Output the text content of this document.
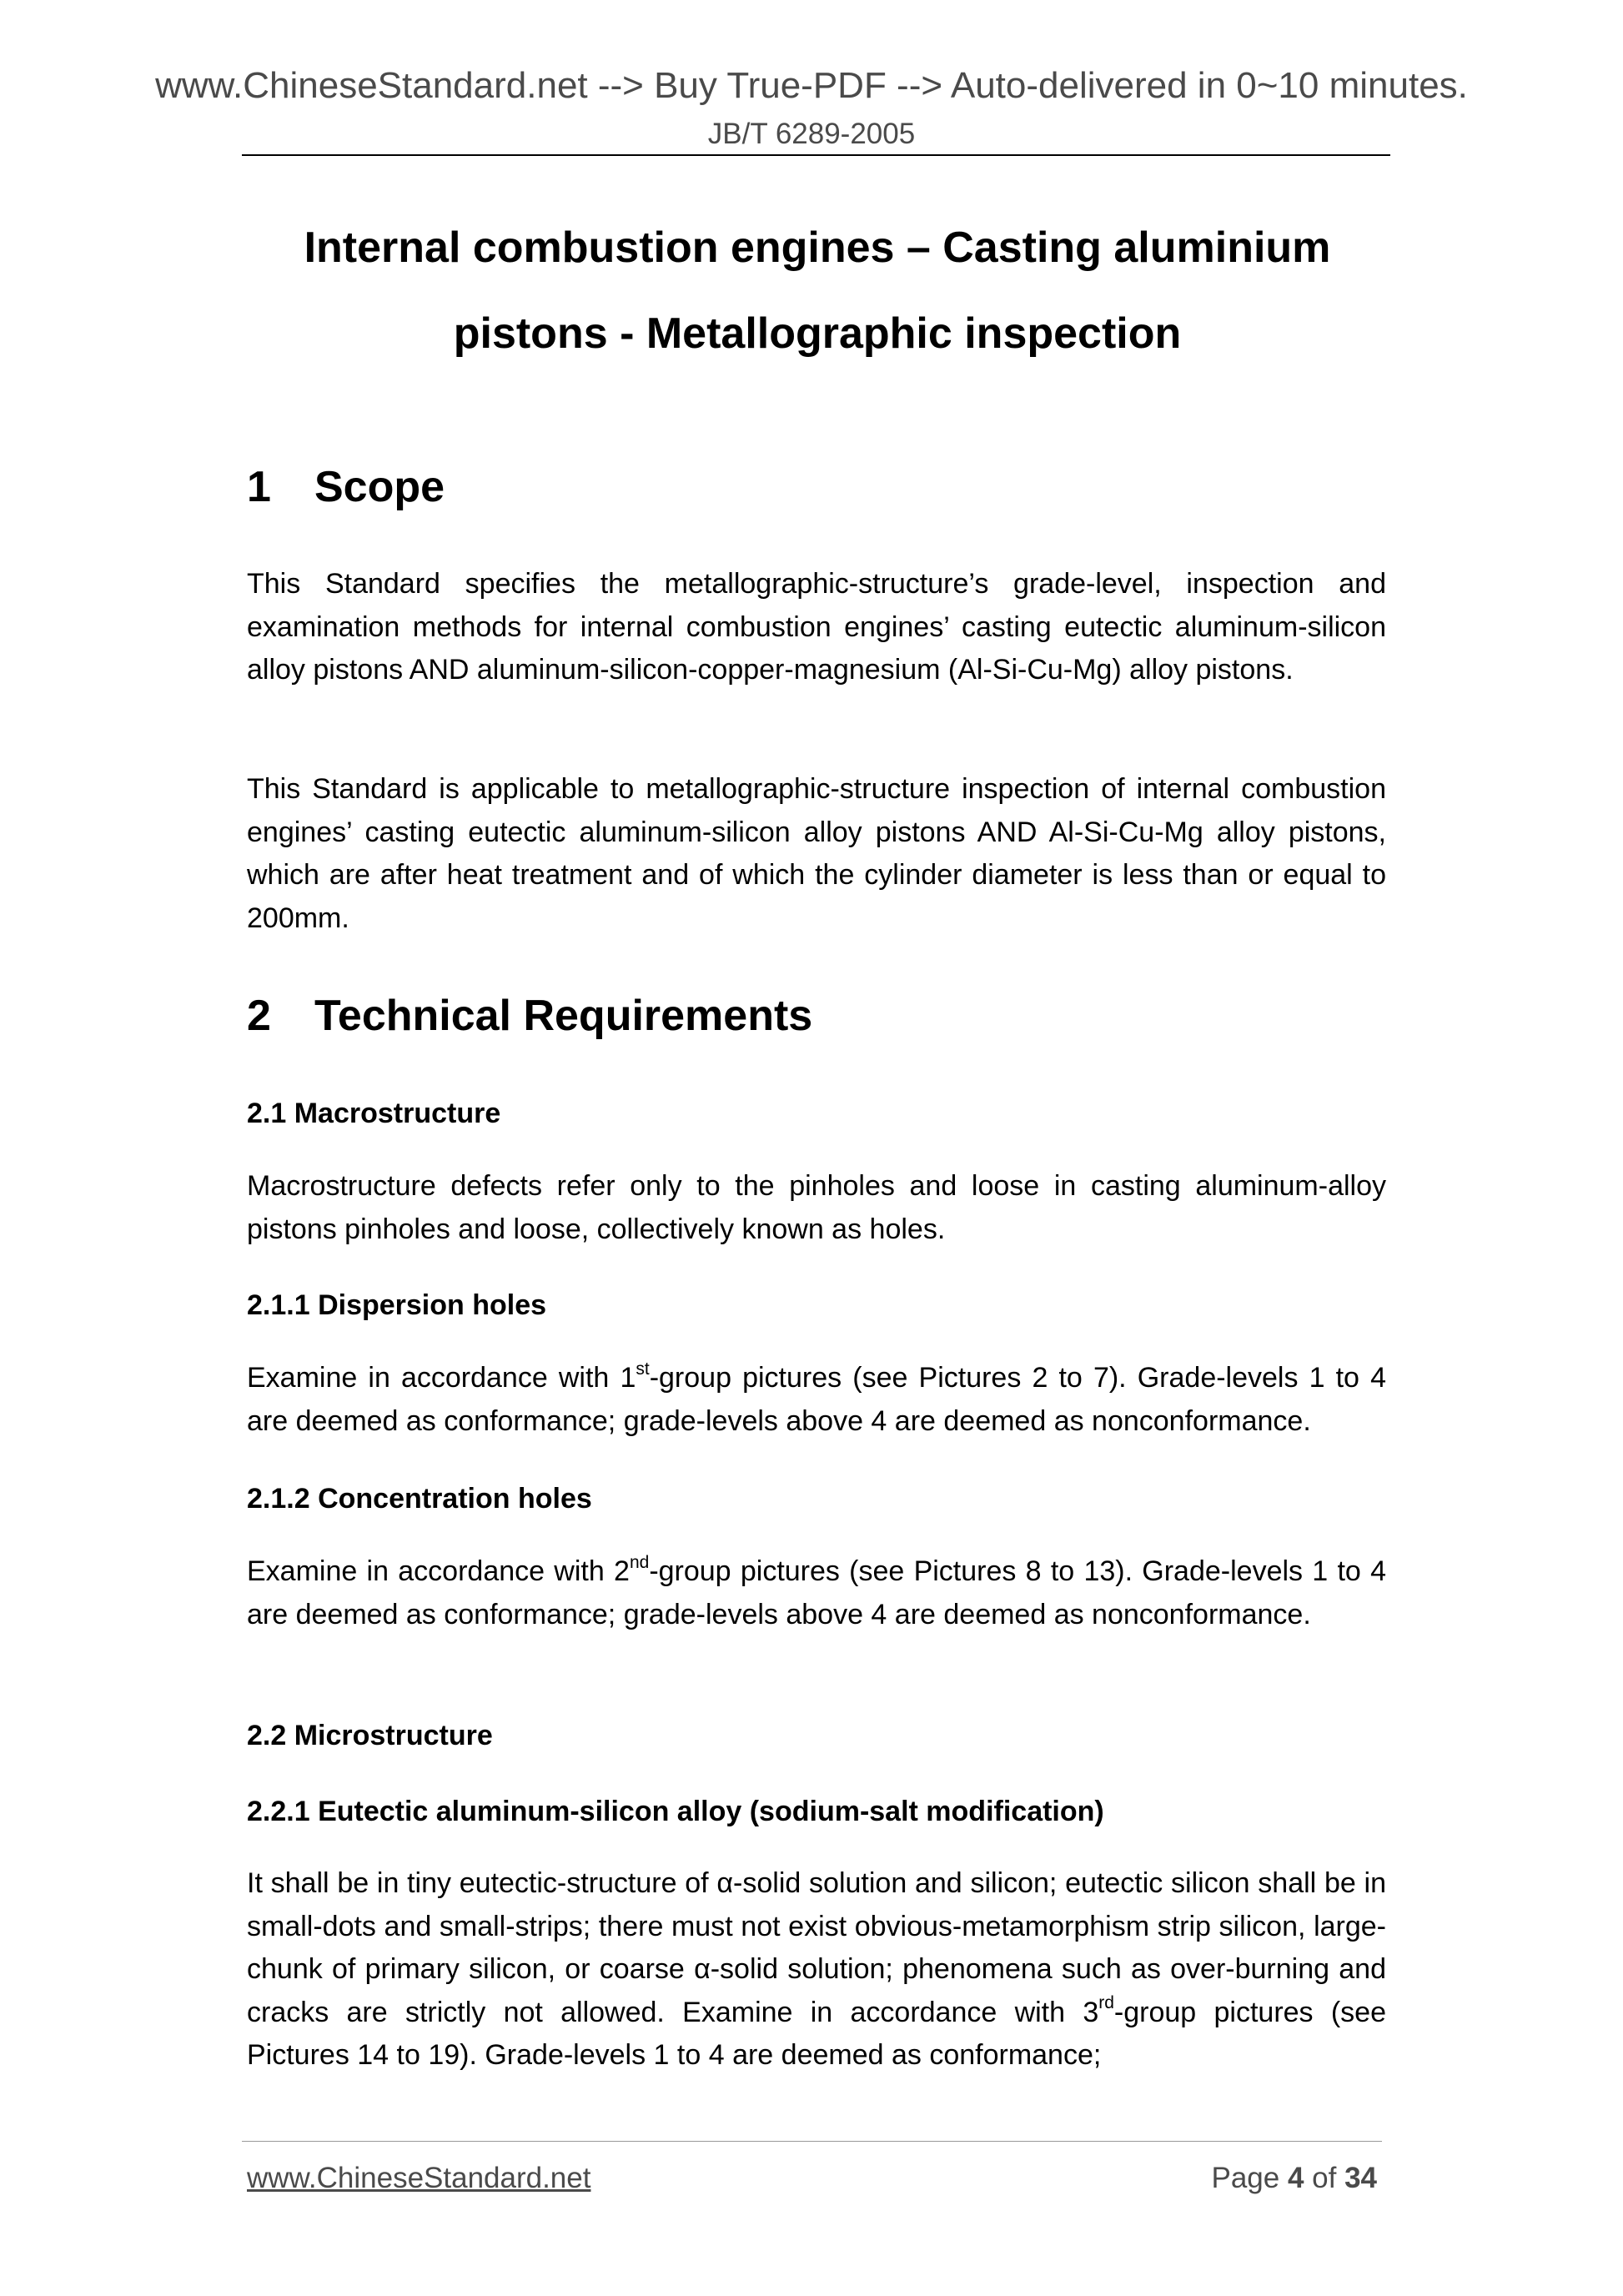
www.ChineseStandard.net --> Buy True-PDF --> Auto-delivered in 0~10 minutes.
JB/T 6289-2005
Internal combustion engines – Casting aluminium
pistons - Metallographic inspection
1 Scope

This Standard specifies the metallographic-structure’s grade-level, inspection and examination methods for internal combustion engines’ casting eutectic aluminum-silicon alloy pistons AND aluminum-silicon-copper-magnesium (Al-Si-Cu-Mg) alloy pistons.

This Standard is applicable to metallographic-structure inspection of internal combustion engines’ casting eutectic aluminum-silicon alloy pistons AND Al-Si-Cu-Mg alloy pistons, which are after heat treatment and of which the cylinder diameter is less than or equal to 200mm.

2 Technical Requirements
2.1 Macrostructure

Macrostructure defects refer only to the pinholes and loose in casting aluminum-alloy pistons pinholes and loose, collectively known as holes.

2.1.1 Dispersion holes

Examine in accordance with 1st-group pictures (see Pictures 2 to 7). Grade-levels 1 to 4 are deemed as conformance; grade-levels above 4 are deemed as nonconformance.

2.1.2 Concentration holes

Examine in accordance with 2nd-group pictures (see Pictures 8 to 13). Grade-levels 1 to 4 are deemed as conformance; grade-levels above 4 are deemed as nonconformance.

2.2 Microstructure
2.2.1 Eutectic aluminum-silicon alloy (sodium-salt modification)

It shall be in tiny eutectic-structure of α-solid solution and silicon; eutectic silicon shall be in small-dots and small-strips; there must not exist obvious-metamorphism strip silicon, large-chunk of primary silicon, or coarse α-solid solution; phenomena such as over-burning and cracks are strictly not allowed. Examine in accordance with 3rd-group pictures (see Pictures 14 to 19). Grade-levels 1 to 4 are deemed as conformance;

www.ChineseStandard.net	Page 4 of 34
